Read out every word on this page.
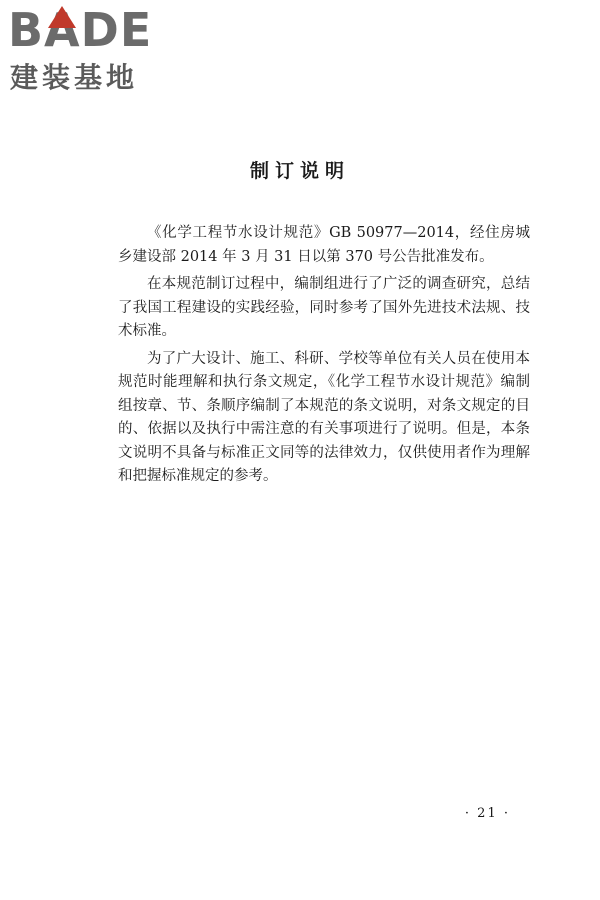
BADE
建装基地
制订说明

《化学工程节水设计规范》GB 50977—2014，经住房城乡建设部 2014 年 3 月 31 日以第 370 号公告批准发布。

在本规范制订过程中，编制组进行了广泛的调查研究，总结了我国工程建设的实践经验，同时参考了国外先进技术法规、技术标准。

为了广大设计、施工、科研、学校等单位有关人员在使用本规范时能理解和执行条文规定，《化学工程节水设计规范》编制组按章、节、条顺序编制了本规范的条文说明，对条文规定的目的、依据以及执行中需注意的有关事项进行了说明。但是，本条文说明不具备与标准正文同等的法律效力，仅供使用者作为理解和把握标准规定的参考。

· 21 ·
